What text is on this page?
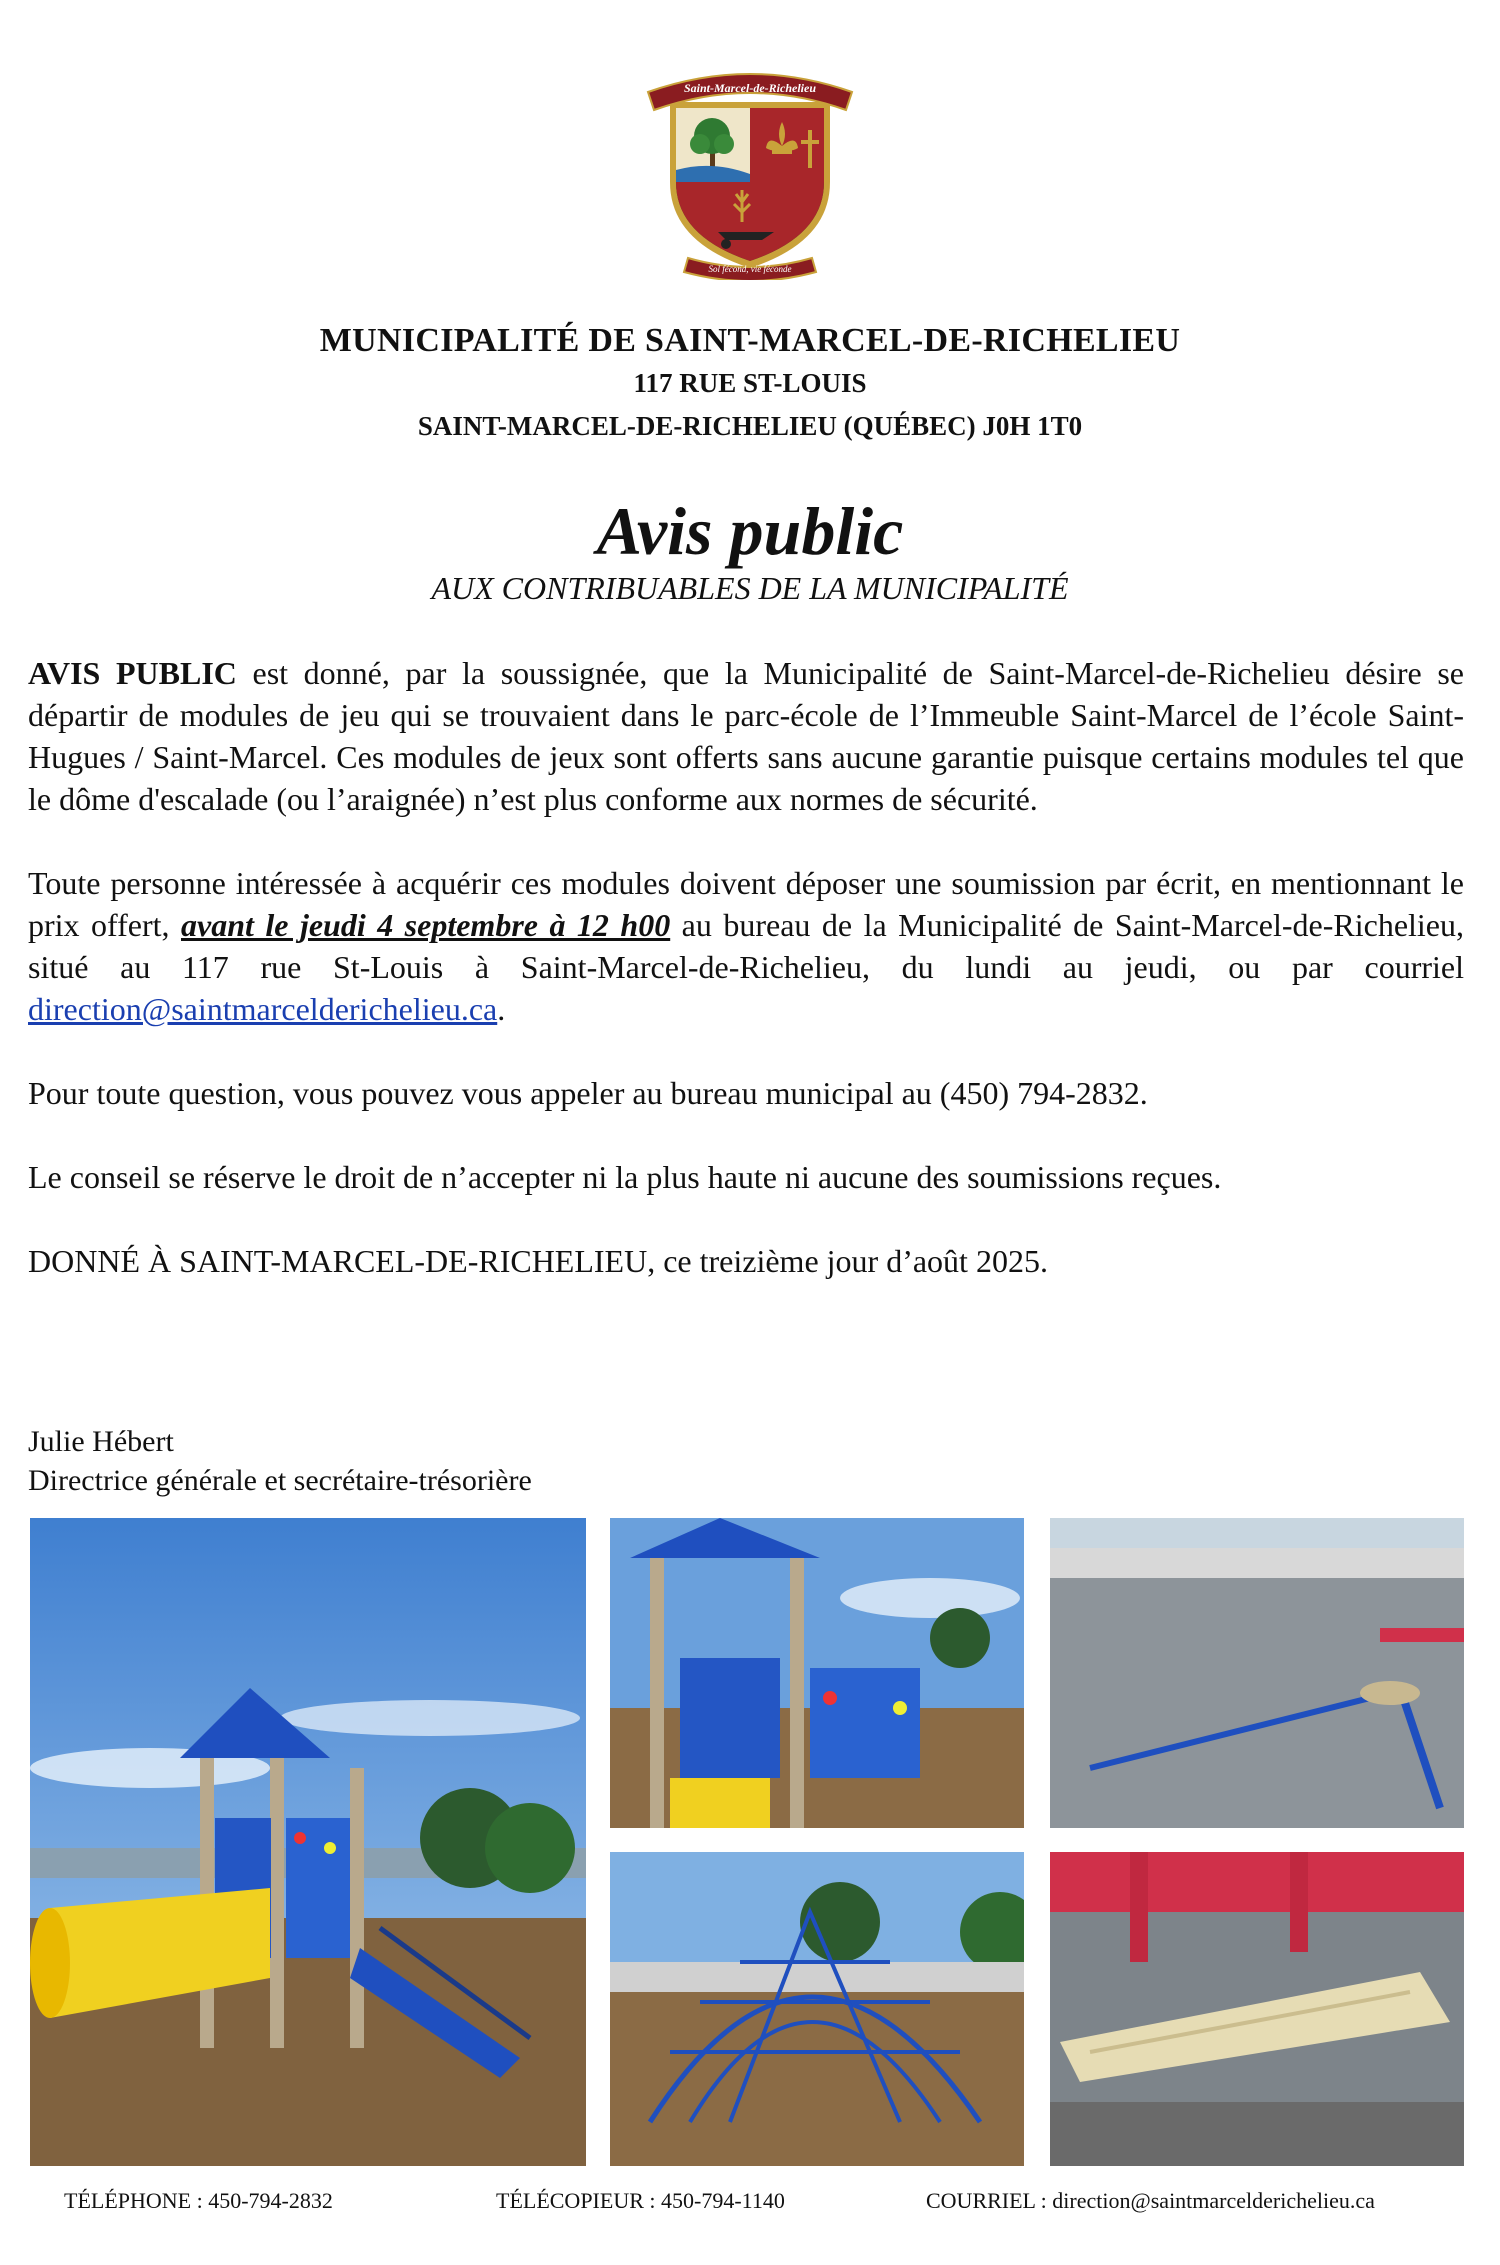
Saint-Marcel-de-Richelieu
Sol fécond, vie féconde
MUNICIPALITÉ DE SAINT-MARCEL-DE-RICHELIEU
117 RUE ST-LOUIS
SAINT-MARCEL-DE-RICHELIEU (QUÉBEC) J0H 1T0
Avis public
AUX CONTRIBUABLES DE LA MUNICIPALITÉ

AVIS PUBLIC est donné, par la soussignée, que la Municipalité de Saint-Marcel-de-Richelieu désire se départir de modules de jeu qui se trouvaient dans le parc-école de l’Immeuble Saint-Marcel de l’école Saint-Hugues / Saint-Marcel. Ces modules de jeux sont offerts sans aucune garantie puisque certains modules tel que le dôme d'escalade (ou l’araignée) n’est plus conforme aux normes de sécurité.

Toute personne intéressée à acquérir ces modules doivent déposer une soumission par écrit, en mentionnant le prix offert, avant le jeudi 4 septembre à 12 h00 au bureau de la Municipalité de Saint-Marcel-de-Richelieu, situé au 117 rue St-Louis à Saint-Marcel-de-Richelieu, du lundi au jeudi, ou par courriel direction@saintmarcelderichelieu.ca.

Pour toute question, vous pouvez vous appeler au bureau municipal au (450) 794-2832.

Le conseil se réserve le droit de n’accepter ni la plus haute ni aucune des soumissions reçues.

DONNÉ À SAINT-MARCEL-DE-RICHELIEU, ce treizième jour d’août 2025.

Julie Hébert
Directrice générale et secrétaire-trésorière
TÉLÉPHONE : 450-794-2832	TÉLÉCOPIEUR : 450-794-1140	COURRIEL : direction@saintmarcelderichelieu.ca
